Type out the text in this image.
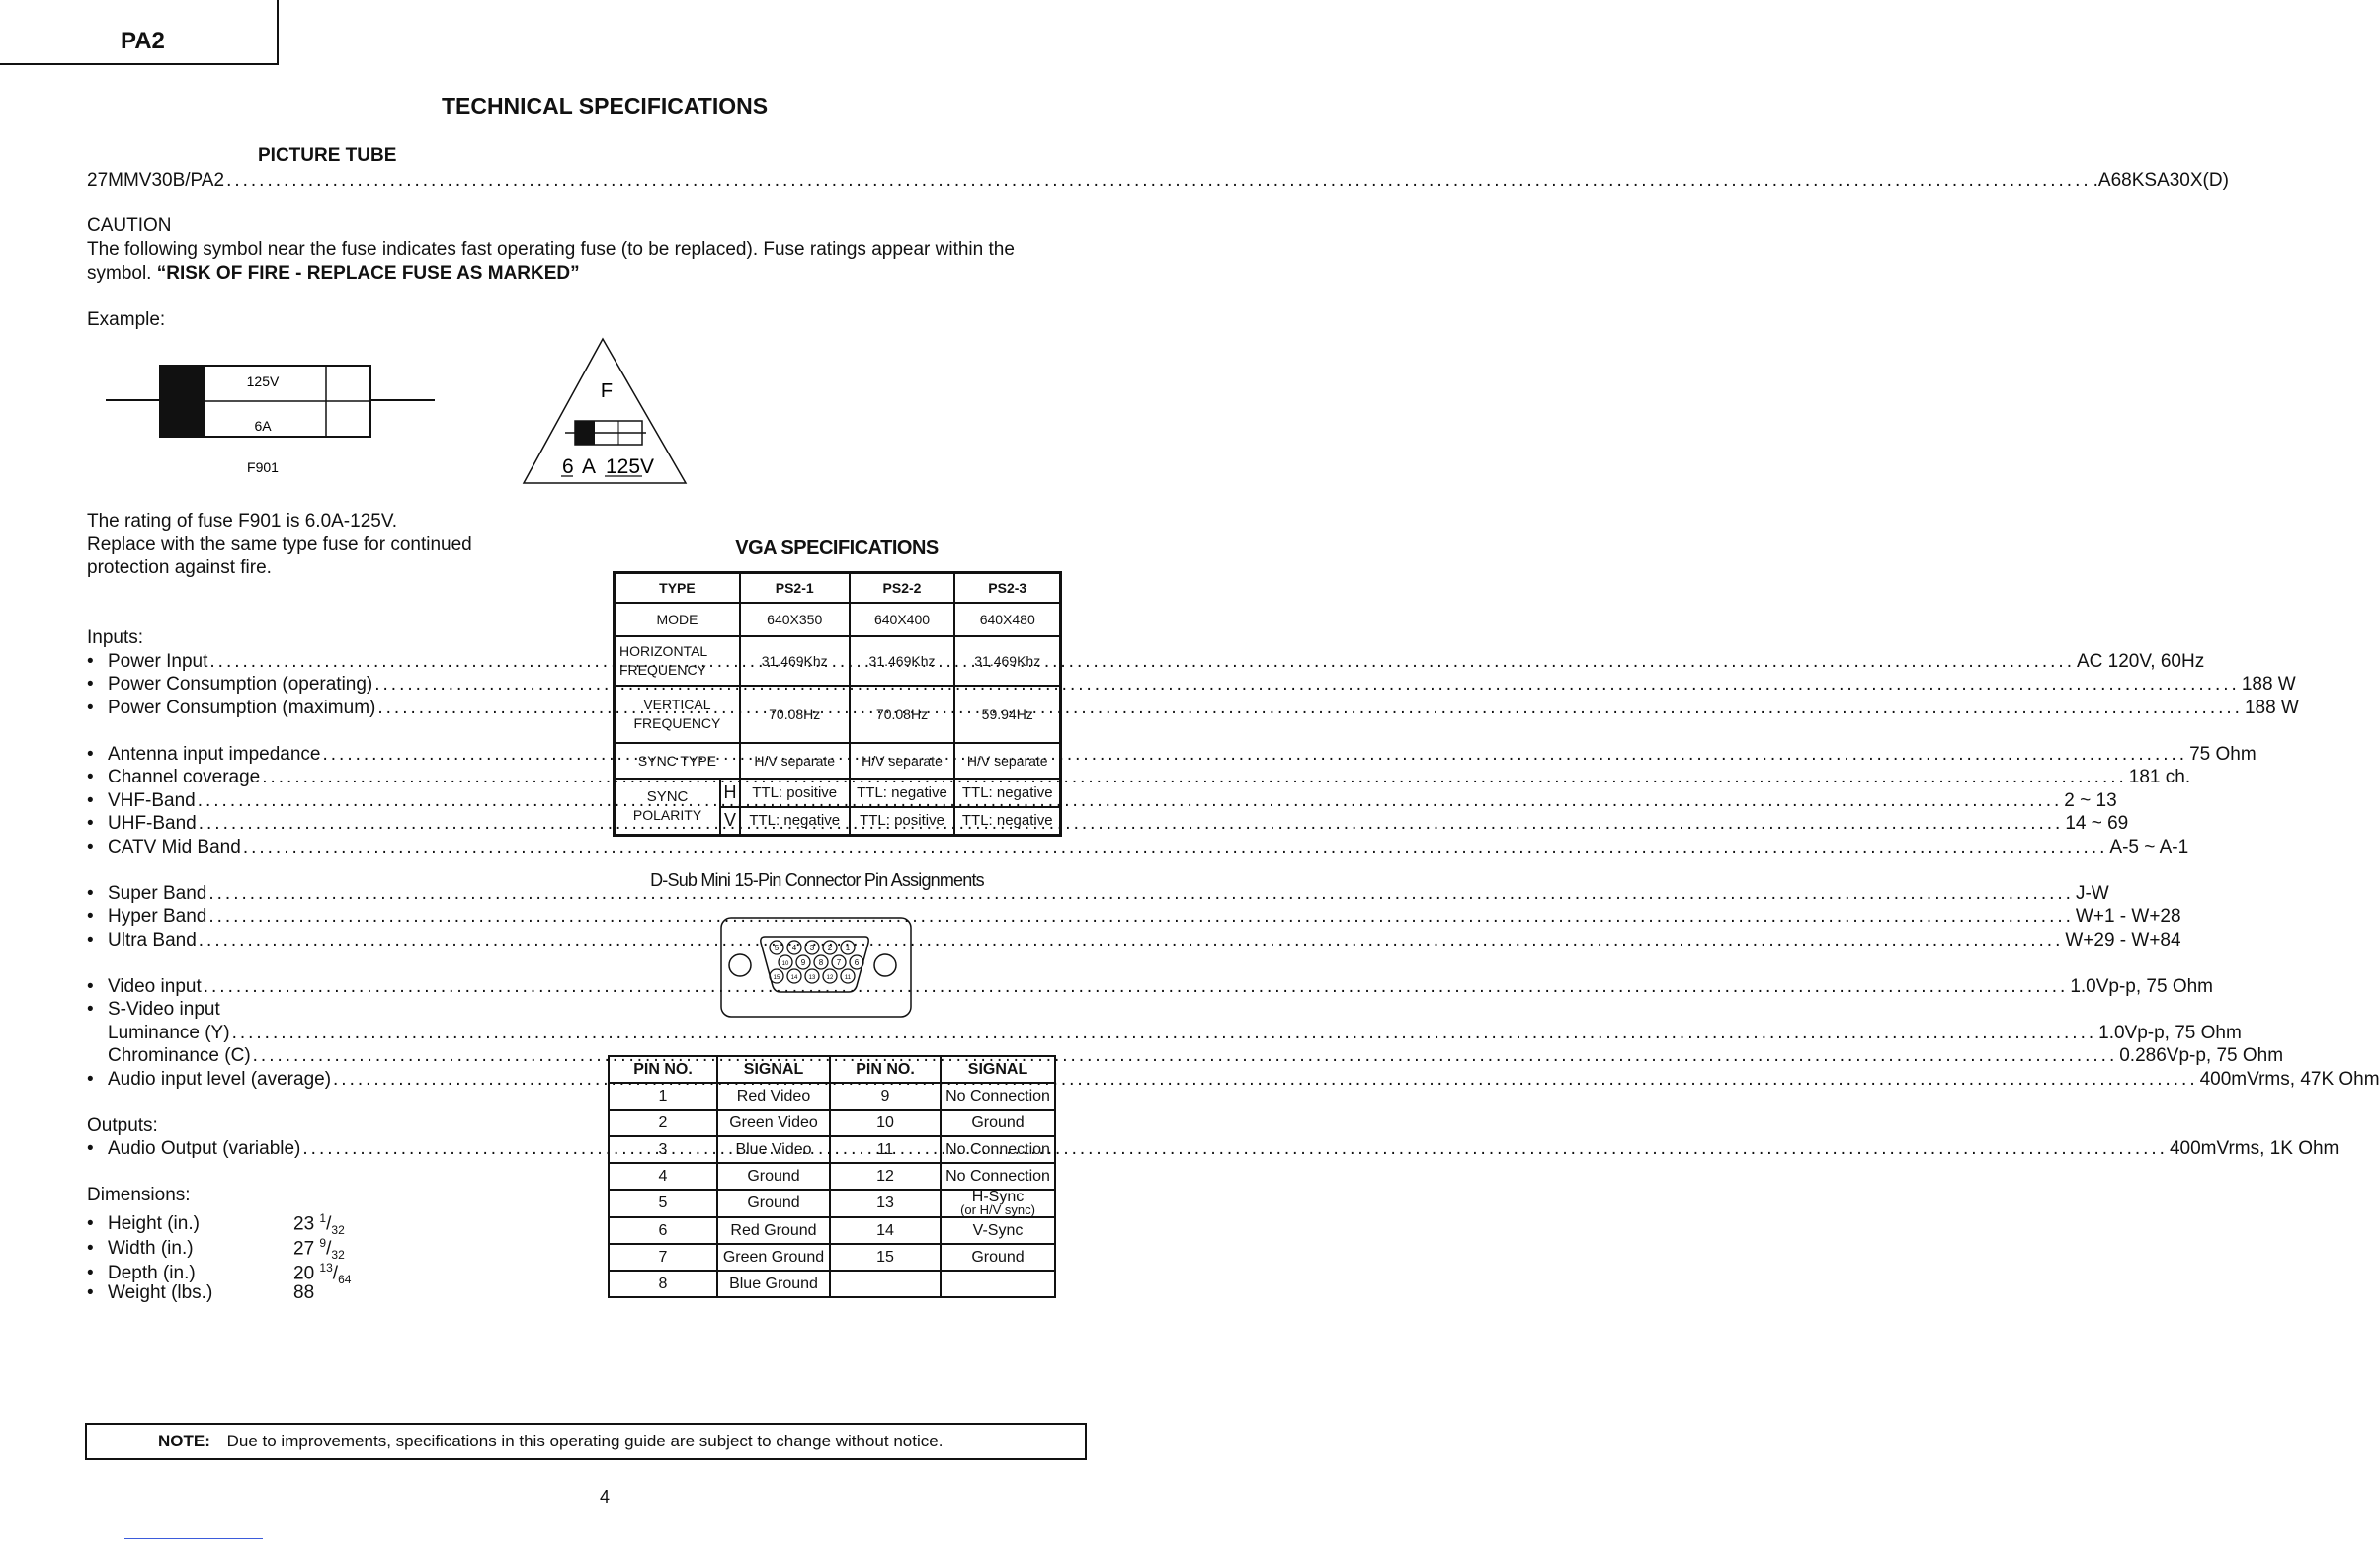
PA2
TECHNICAL SPECIFICATIONS
PICTURE TUBE
27MMV30B/PA2 .....	.A68KSA30X(D)
CAUTION
The following symbol near the fuse indicates fast operating fuse (to be replaced). Fuse ratings appear within the symbol. “RISK OF FIRE - REPLACE FUSE AS MARKED”
Example:
125V
6A
F901
F
6 A 125V
The rating of fuse F901 is 6.0A-125V.
Replace with the same type fuse for continued
protection against fire.
Inputs:
• Power Input .....	AC 120V, 60Hz
• Power Consumption (operating) .....	188 W
• Power Consumption (maximum) .....	188 W
• Antenna input impedance .....	75 Ohm
• Channel coverage .....	181 ch.
• VHF-Band .....	2 ~ 13
• UHF-Band .....	14 ~ 69
• CATV Mid Band .....	A-5 ~ A-1
• Super Band .....	J-W
• Hyper Band .....	W+1 - W+28
• Ultra Band .....	W+29 - W+84
• Video input .....	1.0Vp-p, 75 Ohm
• S-Video input
Luminance (Y) .....	1.0Vp-p, 75 Ohm
Chrominance (C) .....	0.286Vp-p, 75 Ohm
• Audio input level (average) .....	400mVrms, 47K Ohm
Outputs:
• Audio Output (variable) .....	400mVrms, 1K Ohm
Dimensions:
• Height (in.)	23 $^1/_{32}$
• Width (in.)	27 $^9/_{32}$
• Depth (in.)	20 $^{13}/_{64}$
• Weight (lbs.)	88
VGA SPECIFICATIONS
TYPE		PS2-1	PS2-2	PS2-3
MODE		640X350	640X400	640X480

HORIZONTAL
FREQUENCY		31.469Khz	31.469Khz	31.469Khz

VERTICAL
FREQUENCY		70.08Hz	70.08Hz	59.94Hz
SYNC TYPE		H/V separate	H/V separate	H/V separate

SYNC
POLARITY	H	TTL: positive	TTL: negative	TTL: negative
	V	TTL: negative	TTL: positive	TTL: negative
D-Sub Mini 15-Pin Connector Pin Assignments
5 4 3 2 1
10 9 8 7 6
15 14 13 12 11
PIN NO.	SIGNAL	PIN NO.	SIGNAL
1	Red Video	9	No Connection
2	Green Video	10	Ground
3	Blue Video	11	No Connection
4	Ground	12	No Connection
5	Ground	13	H-Sync
(or H/V sync)

6	Red Ground	14	V-Sync
7	Green Ground	15	Ground
8	Blue Ground		
NOTE: Due to improvements, specifications in this operating guide are subject to change without notice.
4
